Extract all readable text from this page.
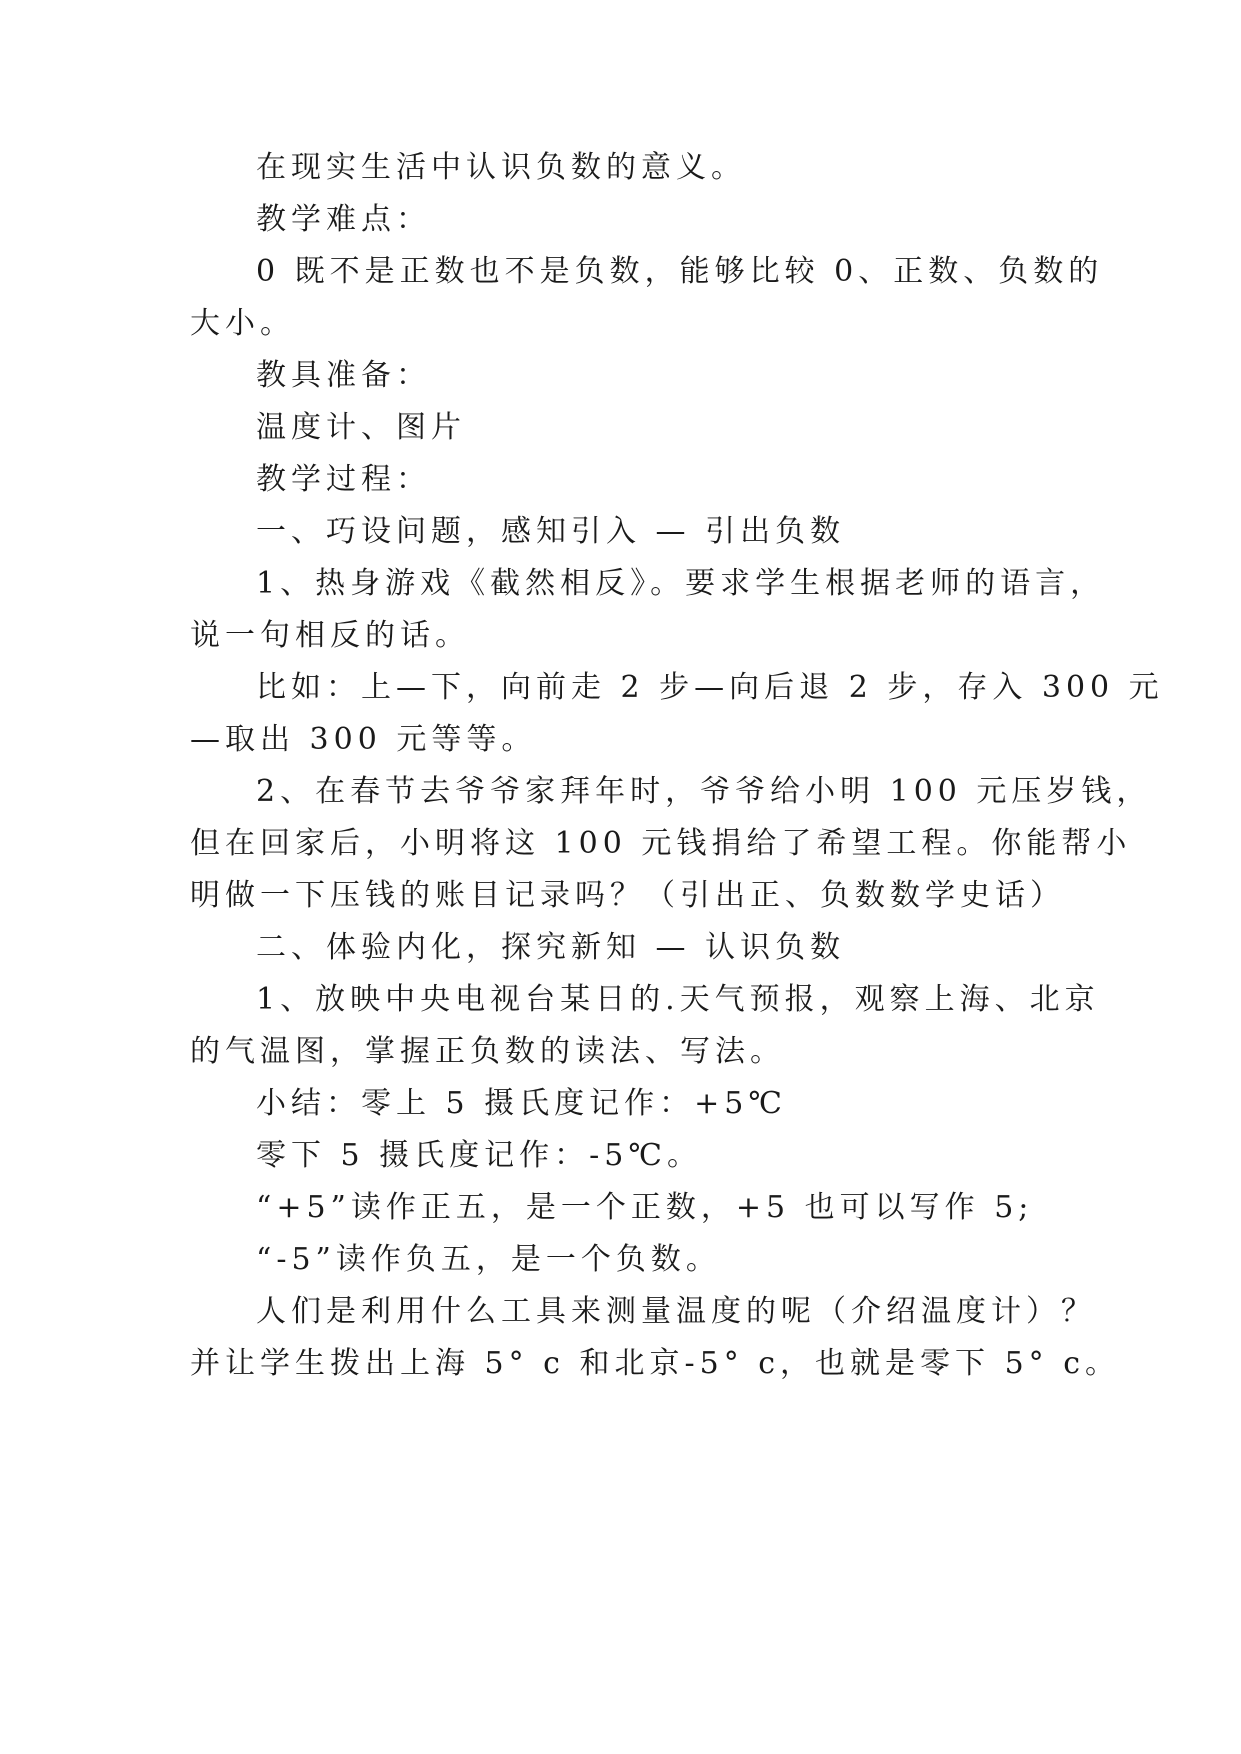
在现实生活中认识负数的意义。
教学难点：
0 既不是正数也不是负数，能够比较 0、正数、负数的
大小。
教具准备：
温度计、图片
教学过程：
一、巧设问题，感知引入 — 引出负数
1、热身游戏《截然相反》。要求学生根据老师的语言，
说一句相反的话。
比如：上—下，向前走 2 步—向后退 2 步，存入 300 元
—取出 300 元等等。
2、在春节去爷爷家拜年时，爷爷给小明 100 元压岁钱，
但在回家后，小明将这 100 元钱捐给了希望工程。你能帮小
明做一下压钱的账目记录吗？（引出正、负数数学史话）
二、体验内化，探究新知 — 认识负数
1、放映中央电视台某日的.天气预报，观察上海、北京
的气温图，掌握正负数的读法、写法。
小结：零上 5 摄氏度记作：+5℃
零下 5 摄氏度记作：-5℃。
“+5”读作正五，是一个正数，+5 也可以写作 5;
“-5”读作负五，是一个负数。
人们是利用什么工具来测量温度的呢（介绍温度计）？
并让学生拨出上海 5° c 和北京-5° c，也就是零下 5° c。
